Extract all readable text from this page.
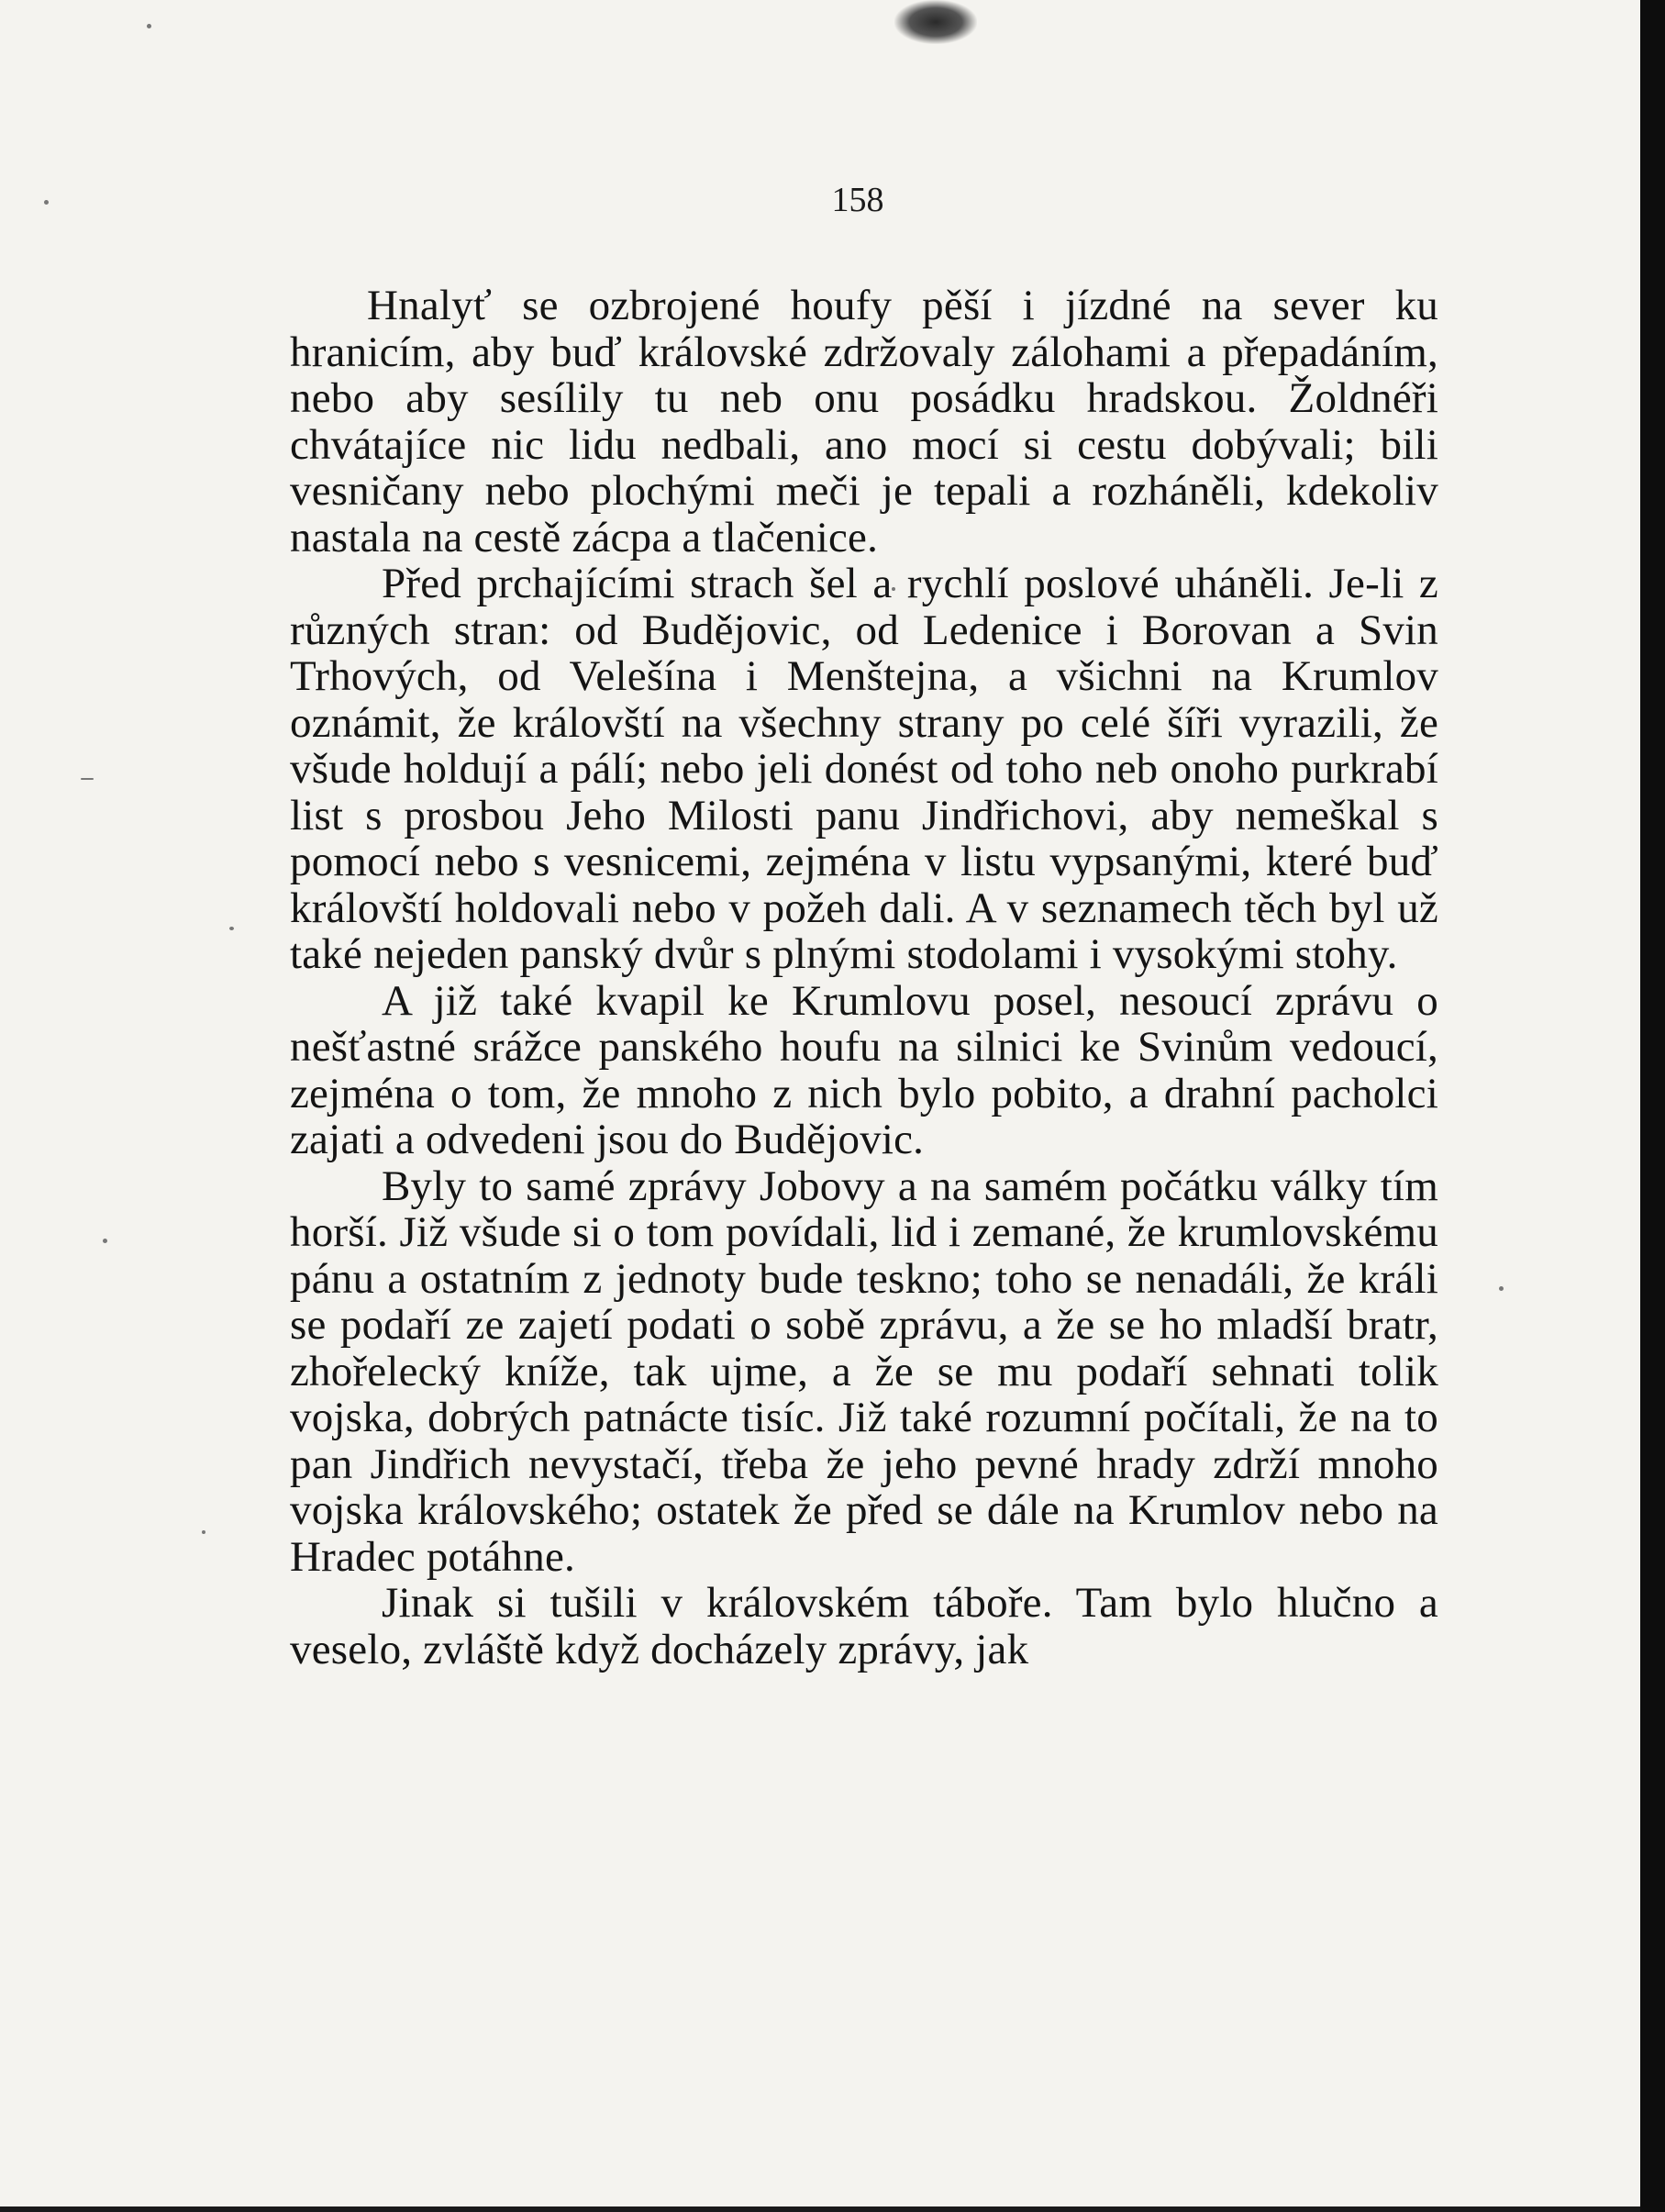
158

Hnalyť se ozbrojené houfy pěší i jízdné na sever ku hranicím, aby buď královské zdržovaly zálohami a přepadáním, nebo aby sesílily tu neb onu posádku hradskou. Žoldnéři chvátajíce nic lidu nedbali, ano mocí si cestu dobývali; bili vesničany nebo plochými meči je tepali a rozháněli, kdekoliv nastala na cestě zácpa a tlačenice.

Před prchajícími strach šel a rychlí poslové uháněli. Je-li z různých stran: od Budějovic, od Ledenice i Borovan a Svin Trhových, od Velešína i Menštejna, a všichni na Krumlov oznámit, že královští na všechny strany po celé šíři vyrazili, že všude holdují a pálí; nebo jeli donést od toho neb onoho purkrabí list s prosbou Jeho Milosti panu Jindřichovi, aby nemeškal s pomocí nebo s vesnicemi, zejména v listu vypsanými, které buď královští holdovali nebo v požeh dali. A v seznamech těch byl už také nejeden panský dvůr s plnými stodolami i vysokými stohy.

A již také kvapil ke Krumlovu posel, nesoucí zprávu o nešťastné srážce panského houfu na silnici ke Svinům vedoucí, zejména o tom, že mnoho z nich bylo pobito, a drahní pacholci zajati a odvedeni jsou do Budějovic.

Byly to samé zprávy Jobovy a na samém počátku války tím horší. Již všude si o tom povídali, lid i zemané, že krumlovskému pánu a ostatním z jednoty bude teskno; toho se nenadáli, že králi se podaří ze zajetí podati o sobě zprávu, a že se ho mladší bratr, zhořelecký kníže, tak ujme, a že se mu podaří sehnati tolik vojska, dobrých patnácte tisíc. Již také rozumní počítali, že na to pan Jindřich nevystačí, třeba že jeho pevné hrady zdrží mnoho vojska královského; ostatek že před se dále na Krumlov nebo na Hradec potáhne.

Jinak si tušili v královském táboře. Tam bylo hlučno a veselo, zvláště když docházely zprávy, jak
